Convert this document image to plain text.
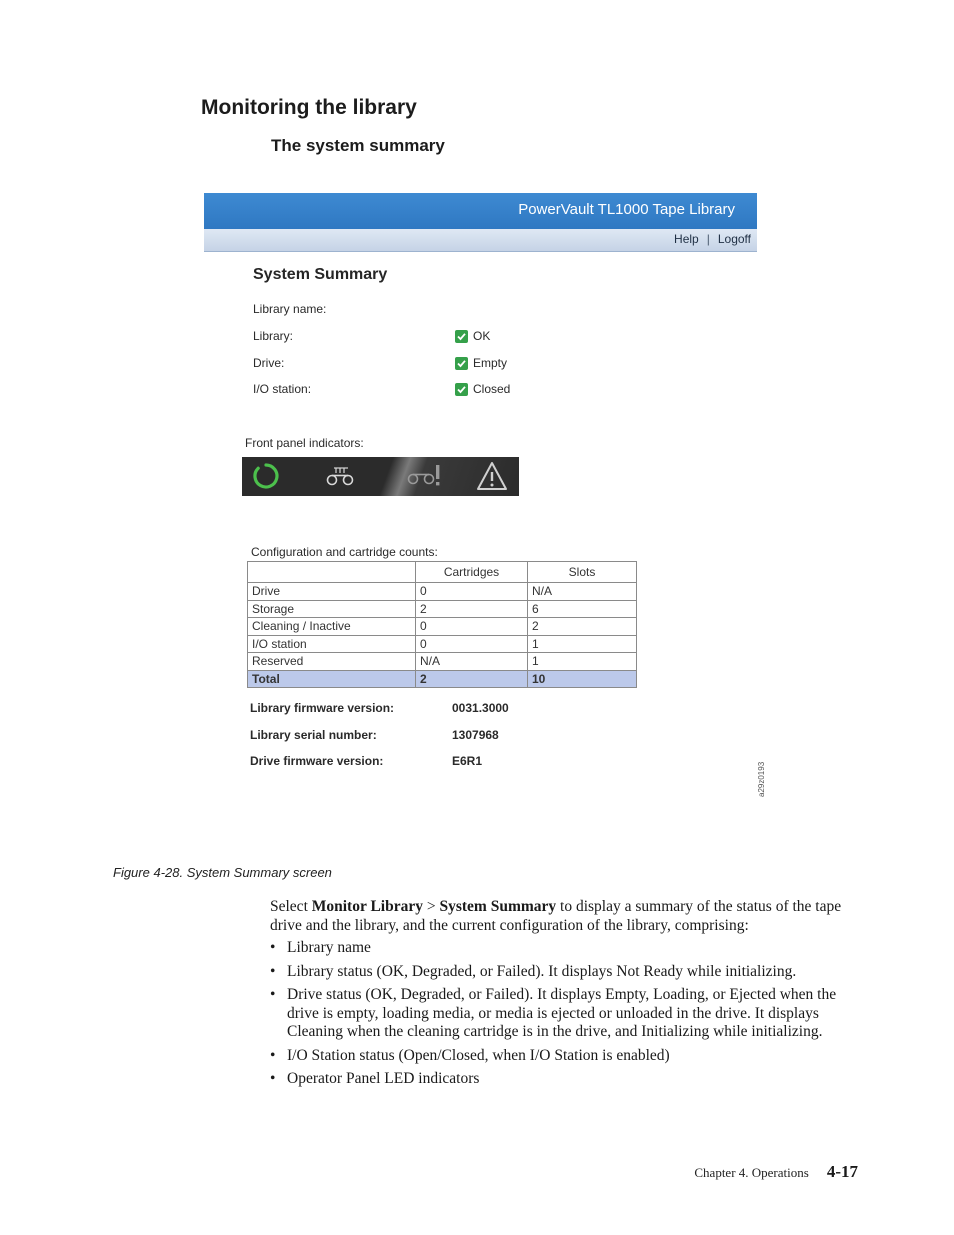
Monitoring the library
The system summary
PowerVault TL1000 Tape Library
Help | Logoff
System Summary
Library name:
Library:	OK
Drive:	Empty
I/O station:	Closed
Front panel indicators:
Configuration and cartridge counts:
	Cartridges	Slots
Drive	0	N/A
Storage	2	6
Cleaning / Inactive	0	2
I/O station	0	1
Reserved	N/A	1
Total	2	10
Library firmware version:	0031.3000
Library serial number:	1307968
Drive firmware version:	E6R1
a29z0193
Figure 4-28. System Summary screen

Select Monitor Library > System Summary to display a summary of the status of the tape drive and the library, and the current configuration of the library, comprising:

• Library name
• Library status (OK, Degraded, or Failed). It displays Not Ready while initializing.
• Drive status (OK, Degraded, or Failed). It displays Empty, Loading, or Ejected when the drive is empty, loading media, or media is ejected or unloaded in the drive. It displays Cleaning when the cleaning cartridge is in the drive, and Initializing while initializing.
• I/O Station status (Open/Closed, when I/O Station is enabled)
• Operator Panel LED indicators
Chapter 4. Operations 4-17
